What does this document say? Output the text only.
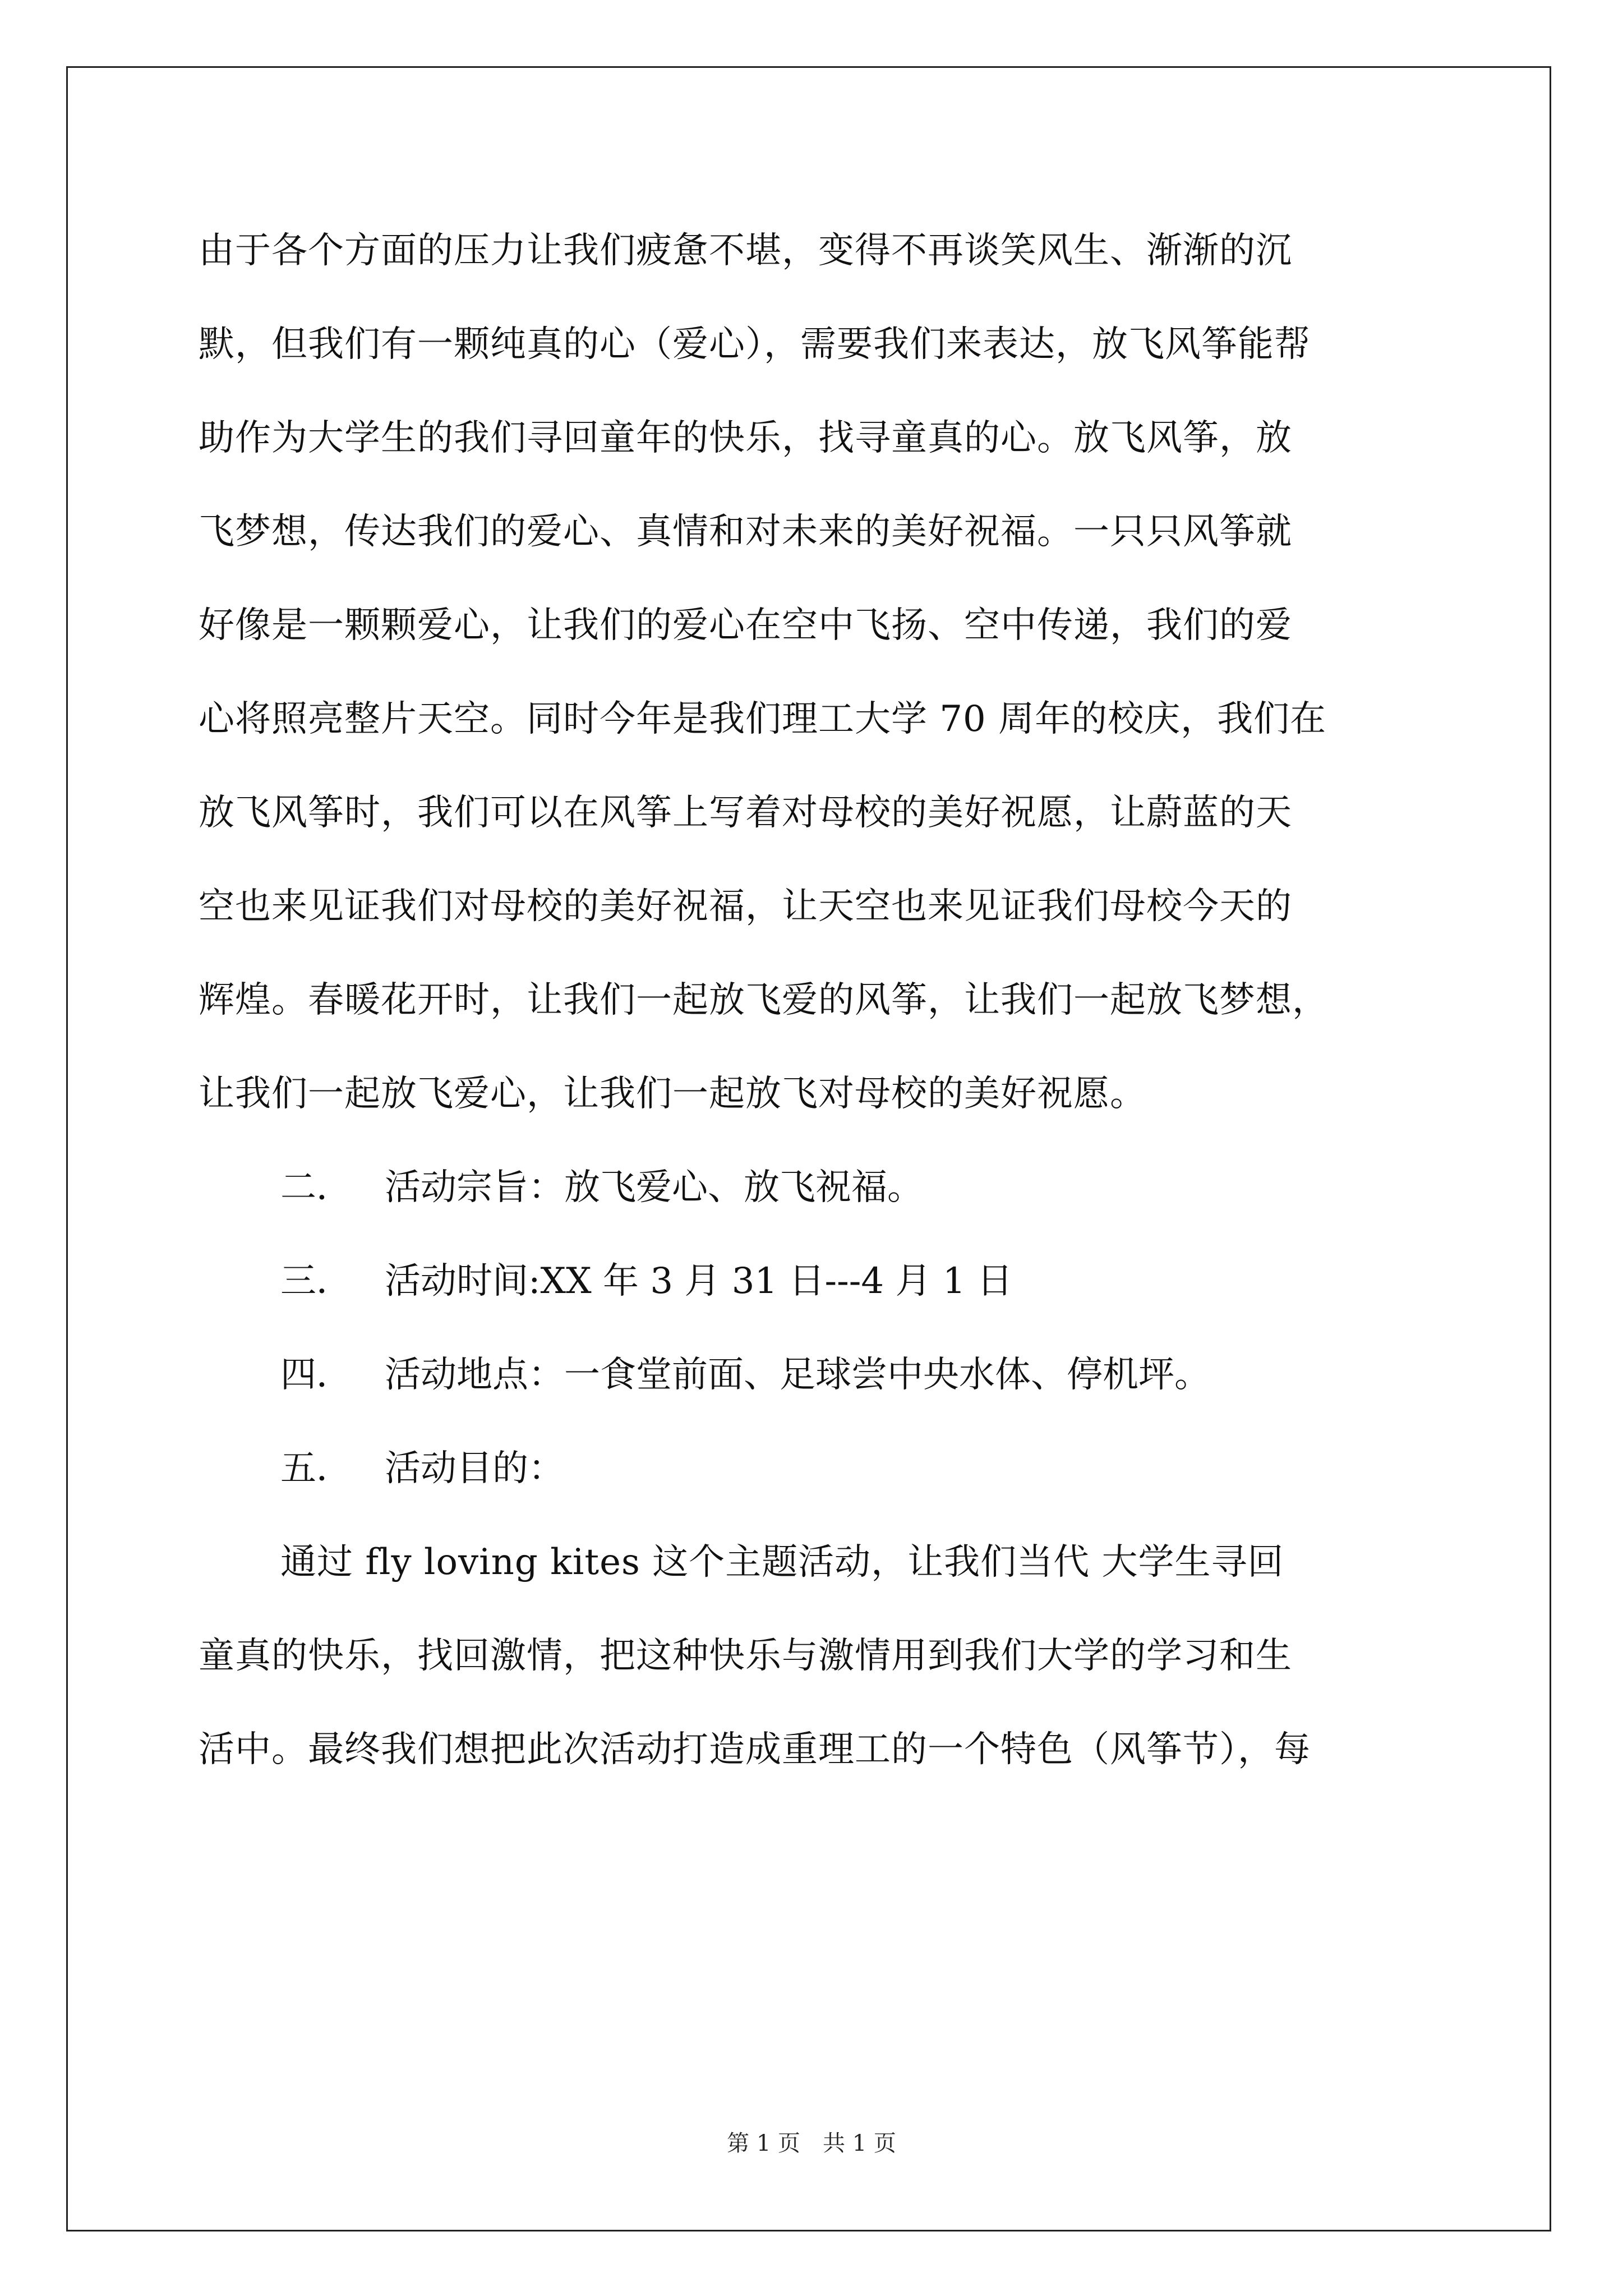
由于各个方面的压力让我们疲惫不堪，变得不再谈笑风生、渐渐的沉
默，但我们有一颗纯真的心（爱心），需要我们来表达，放飞风筝能帮
助作为大学生的我们寻回童年的快乐，找寻童真的心。放飞风筝，放
飞梦想，传达我们的爱心、真情和对未来的美好祝福。一只只风筝就
好像是一颗颗爱心，让我们的爱心在空中飞扬、空中传递，我们的爱
心将照亮整片天空。同时今年是我们理工大学 70 周年的校庆，我们在
放飞风筝时，我们可以在风筝上写着对母校的美好祝愿，让蔚蓝的天
空也来见证我们对母校的美好祝福，让天空也来见证我们母校今天的
辉煌。春暖花开时，让我们一起放飞爱的风筝，让我们一起放飞梦想，
让我们一起放飞爱心，让我们一起放飞对母校的美好祝愿。
二． 活动宗旨：放飞爱心、放飞祝福。
三． 活动时间:XX 年 3 月 31 日---4 月 1 日
四． 活动地点：一食堂前面、足球尝中央水体、停机坪。
五． 活动目的：
通过 fly loving kites 这个主题活动，让我们当代 大学生寻回
童真的快乐，找回激情，把这种快乐与激情用到我们大学的学习和生
活中。最终我们想把此次活动打造成重理工的一个特色（风筝节），每
第 1 页　共 1 页
